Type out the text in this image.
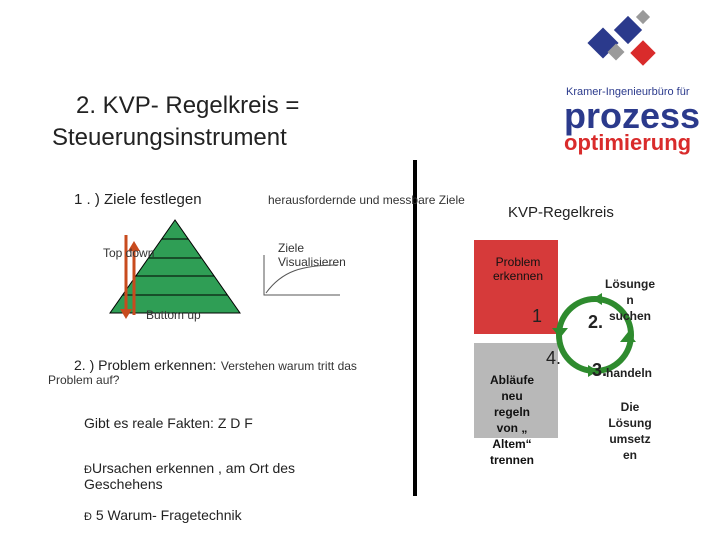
2. KVP- Regelkreis =
Steuerungsinstrument
Kramer-Ingenieurbüro für
prozess
optimierung
1 . ) Ziele festlegen	herausfordernde und messbare Ziele
Top down
Buttom up
Ziele
Visualisieren
2. ) Problem erkennen: Verstehen warum tritt das
Problem auf?
Gibt es reale Fakten: Z D F
ÐUrsachen erkennen , am Ort des
Geschehens
Ð 5 Warum- Fragetechnik
KVP-Regelkreis
Problem
erkennen
Abläufe
neu
regeln
von „
Altem“
trennen
1	2.
3.
4.
Lösunge
n
suchen
handeln
Die
Lösung
umsetz
en
